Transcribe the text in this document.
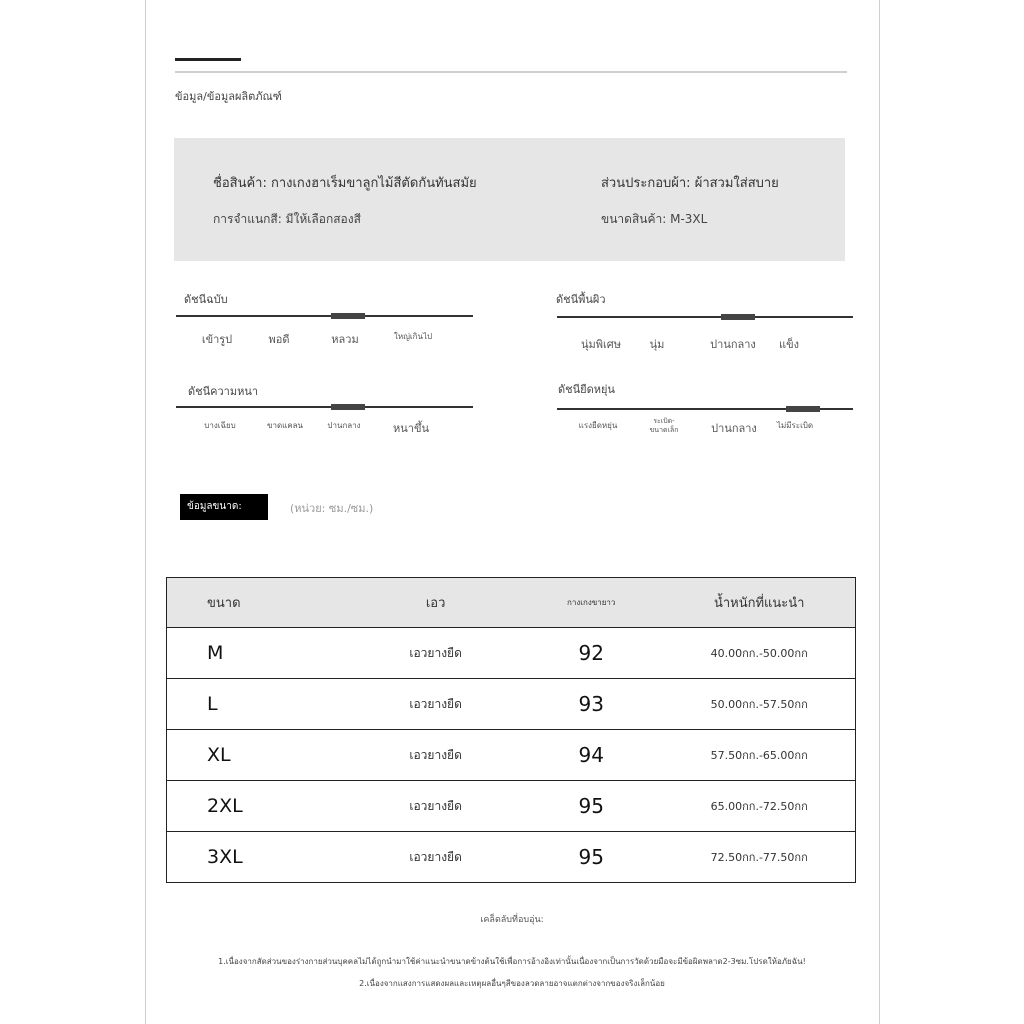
ข้อมูล/ข้อมูลผลิตภัณฑ์
ชื่อสินค้า: กางเกงฮาเร็มขาลูกไม้สีตัดกันทันสมัย	ส่วนประกอบผ้า: ผ้าสวมใส่สบาย
การจำแนกสี: มีให้เลือกสองสี	ขนาดสินค้า: M-3XL
ดัชนีฉบับ
เข้ารูป	พอดี	หลวม	ใหญ่เกินไป
ดัชนีพื้นผิว
นุ่มพิเศษ	นุ่ม	ปานกลาง แข็ง
ดัชนีความหนา
บางเฉียบ	ขาดแคลน	ปานกลาง	หนาขึ้น
ดัชนียืดหยุ่น
แรงยืดหยุ่น	ระเบิด-
ขนาดเล็ก	ปานกลาง	ไม่มีระเบิด
ข้อมูลขนาด:	(หน่วย: ซม./ซม.)
ขนาด	เอว	กางเกงขายาว	น้ำหนักที่แนะนำ
M	เอวยางยืด	92	40.00กก.-50.00กก
L	เอวยางยืด	93	50.00กก.-57.50กก
XL	เอวยางยืด	94	57.50กก.-65.00กก
2XL	เอวยางยืด	95	65.00กก.-72.50กก
3XL	เอวยางยืด	95	72.50กก.-77.50กก
เคล็ดลับที่อบอุ่น:
1.เนื่องจากสัดส่วนของร่างกายส่วนบุคคลไม่ได้ถูกนำมาใช้ค่าแนะนำขนาดข้างต้นใช้เพื่อการอ้างอิงเท่านั้นเนื่องจากเป็นการวัดด้วยมือจะมีข้อผิดพลาด2-3ซม.โปรดให้อภัยฉัน!
2.เนื่องจากแสงการแสดงผลและเหตุผลอื่นๆสีของลวดลายอาจแตกต่างจากของจริงเล็กน้อย
